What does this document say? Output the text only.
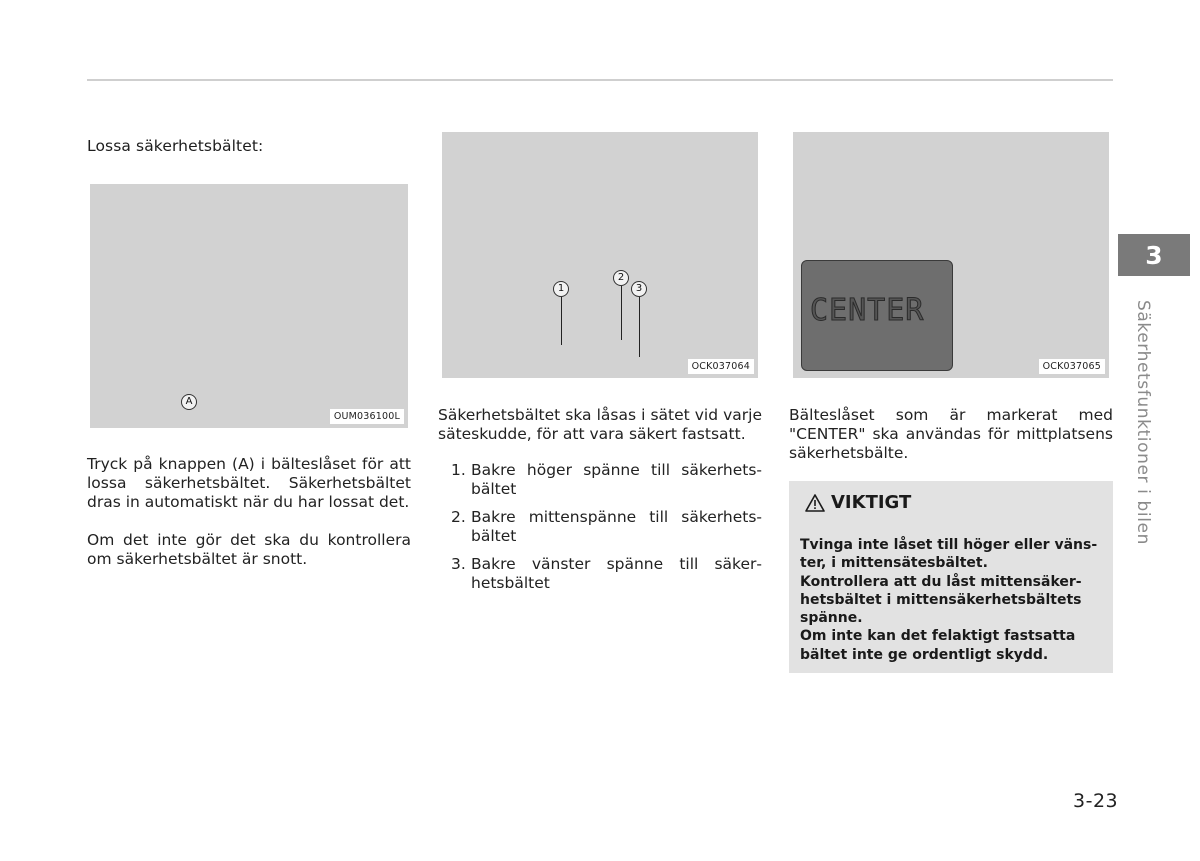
Lossa säkerhetsbältet:
A
OUM036100L
1
2
3
OCK037064
CENTER
OCK037065

Tryck på knappen (A) i bälteslåset för att lossa säkerhetsbältet. Säkerhetsbältet dras in automatiskt när du har lossat det.

Om det inte gör det ska du kontrollera om säkerhetsbältet är snott.

Säkerhetsbältet ska låsas i sätet vid varje säteskudde, för att vara säkert fastsatt.

1. Bakre höger spänne till säkerhetsbältet
2. Bakre mittenspänne till säkerhetsbältet
3. Bakre vänster spänne till säkerhetsbältet

Bälteslåset som är markerat med "CENTER" ska användas för mittplatsens säkerhetsbälte.

VIKTIGT

Tvinga inte låset till höger eller vänster, i mittensätesbältet.
Kontrollera att du låst mittensäkerhetsbältet i mittensäkerhetsbältets spänne.
Om inte kan det felaktigt fastsatta bältet inte ge ordentligt skydd.

3
Säkerhetsfunktioner i bilen
3-23
